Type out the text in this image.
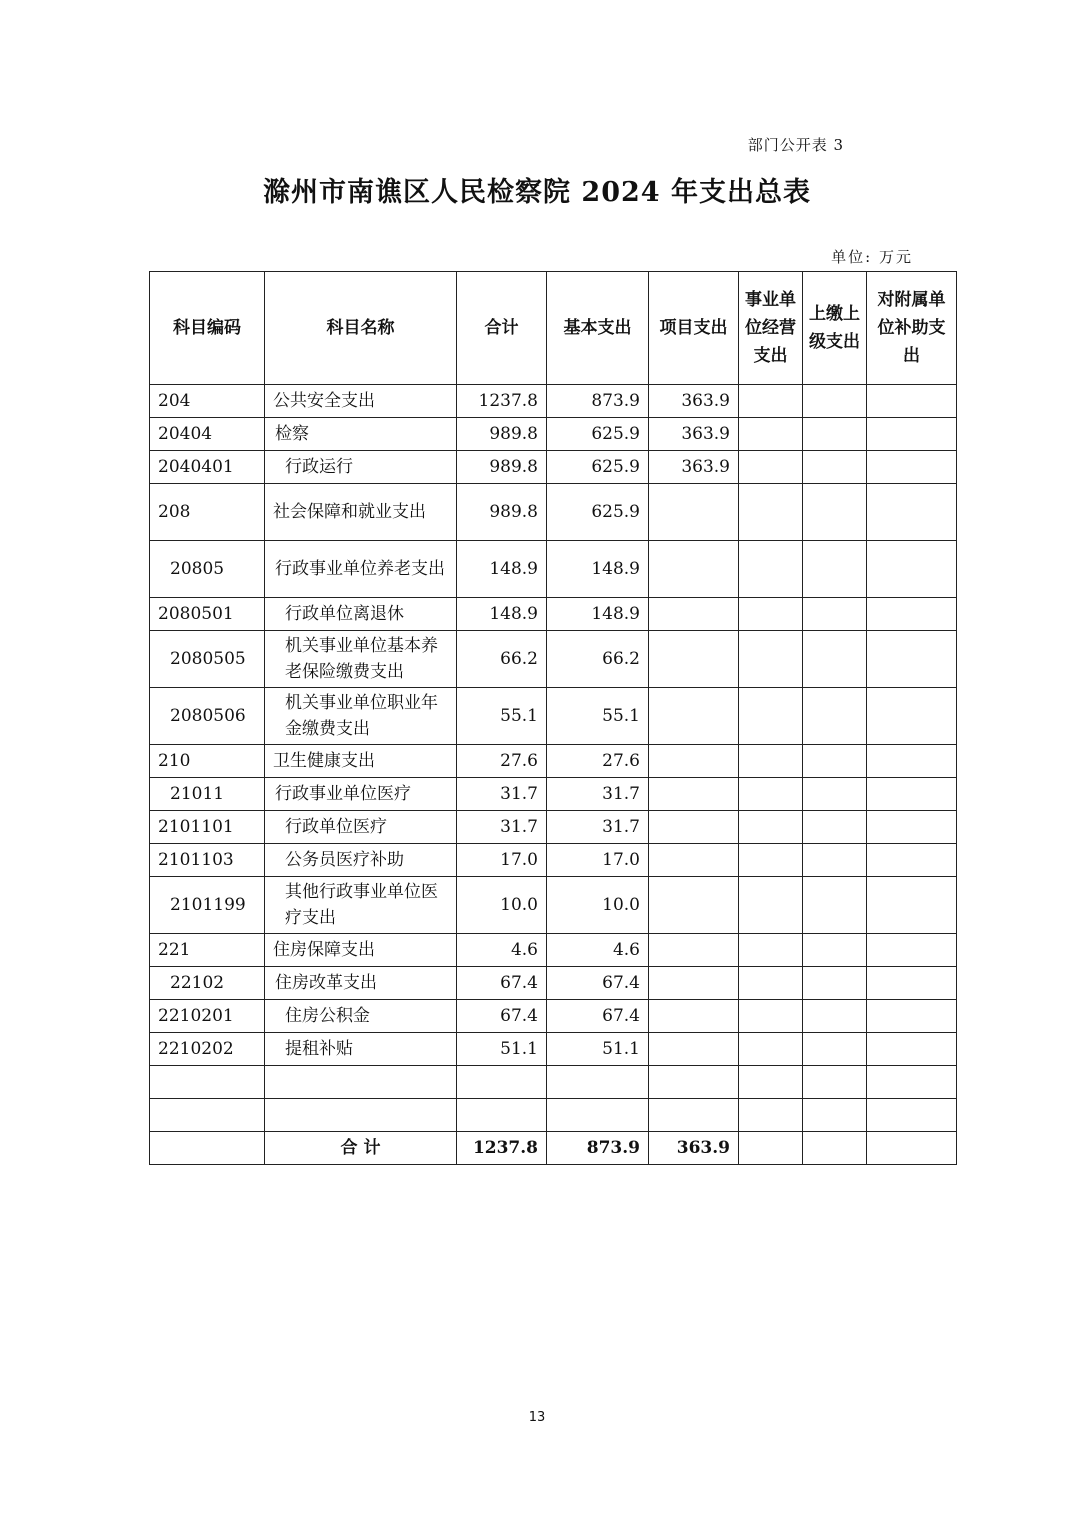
部门公开表 3
滁州市南谯区人民检察院 2024 年支出总表
单位: 万元
科目编码	科目名称	合计	基本支出	项目支出	事业单位经营支出	上缴上级支出	对附属单位补助支出
204	公共安全支出	1237.8	873.9	363.9			
20404	检察	989.8	625.9	363.9			
2040401	行政运行	989.8	625.9	363.9			
208	社会保障和就业支出	989.8	625.9				
20805	行政事业单位养老支出	148.9	148.9				
2080501	行政单位离退休	148.9	148.9				
2080505	机关事业单位基本养老保险缴费支出	66.2	66.2				
2080506	机关事业单位职业年金缴费支出	55.1	55.1				
210	卫生健康支出	27.6	27.6				
21011	行政事业单位医疗	31.7	31.7				
2101101	行政单位医疗	31.7	31.7				
2101103	公务员医疗补助	17.0	17.0				
2101199	其他行政事业单位医疗支出	10.0	10.0				
221	住房保障支出	4.6	4.6				
22102	住房改革支出	67.4	67.4				
2210201	住房公积金	67.4	67.4				
2210202	提租补贴	51.1	51.1				

	合 计	1237.8	873.9	363.9			
13
